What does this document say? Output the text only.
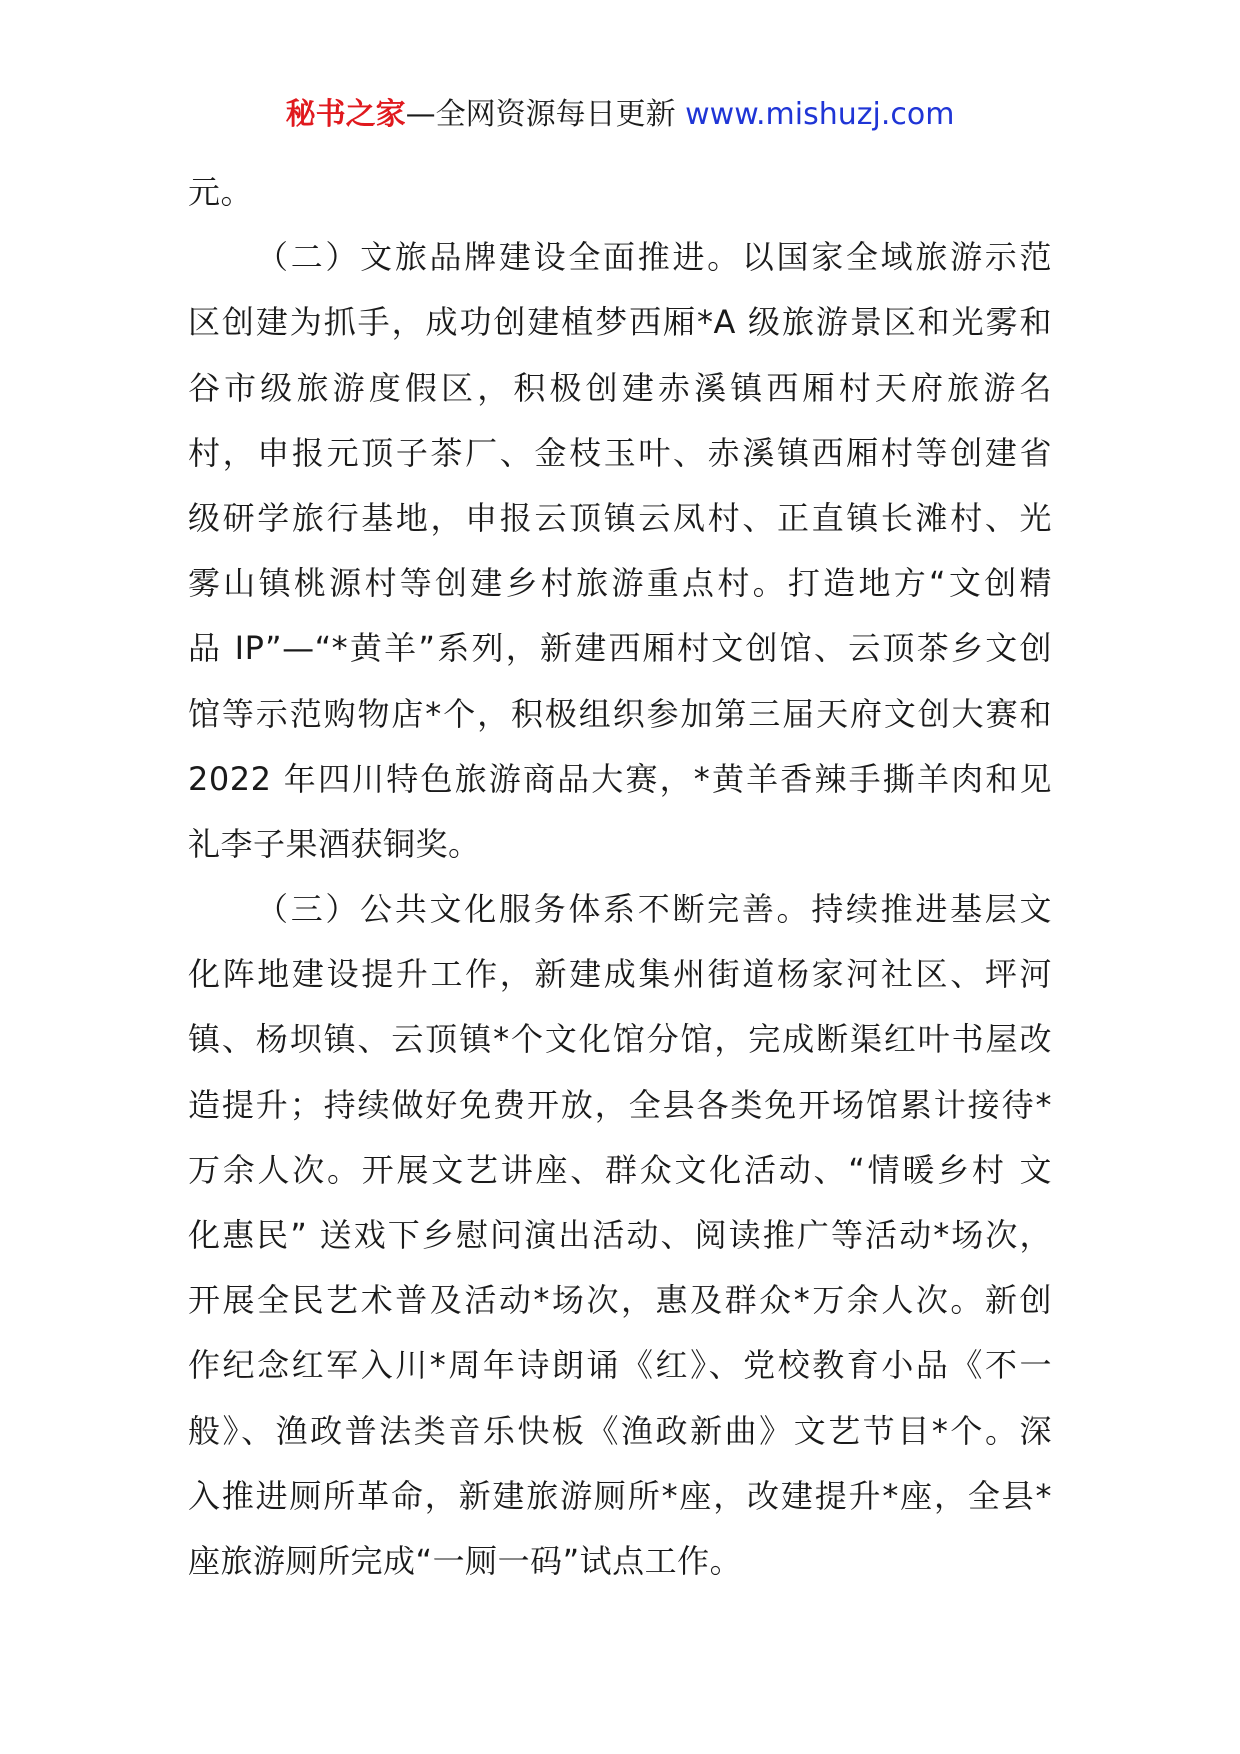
秘书之家—全网资源每日更新 www.mishuzj.com
元。
（二）文旅品牌建设全面推进。以国家全域旅游示范
区创建为抓手，成功创建植梦西厢*A 级旅游景区和光雾和
谷市级旅游度假区，积极创建赤溪镇西厢村天府旅游名
村，申报元顶子茶厂、金枝玉叶、赤溪镇西厢村等创建省
级研学旅行基地，申报云顶镇云凤村、正直镇长滩村、光
雾山镇桃源村等创建乡村旅游重点村。打造地方“文创精
品 IP”—“*黄羊”系列，新建西厢村文创馆、云顶茶乡文创
馆等示范购物店*个，积极组织参加第三届天府文创大赛和
2022 年四川特色旅游商品大赛，*黄羊香辣手撕羊肉和见
礼李子果酒获铜奖。
（三）公共文化服务体系不断完善。持续推进基层文
化阵地建设提升工作，新建成集州街道杨家河社区、坪河
镇、杨坝镇、云顶镇*个文化馆分馆，完成断渠红叶书屋改
造提升；持续做好免费开放，全县各类免开场馆累计接待*
万余人次。开展文艺讲座、群众文化活动、“情暖乡村 文
化惠民” 送戏下乡慰问演出活动、阅读推广等活动*场次，
开展全民艺术普及活动*场次，惠及群众*万余人次。新创
作纪念红军入川*周年诗朗诵《红》、党校教育小品《不一
般》、渔政普法类音乐快板《渔政新曲》文艺节目*个。深
入推进厕所革命，新建旅游厕所*座，改建提升*座，全县*
座旅游厕所完成“一厕一码”试点工作。
